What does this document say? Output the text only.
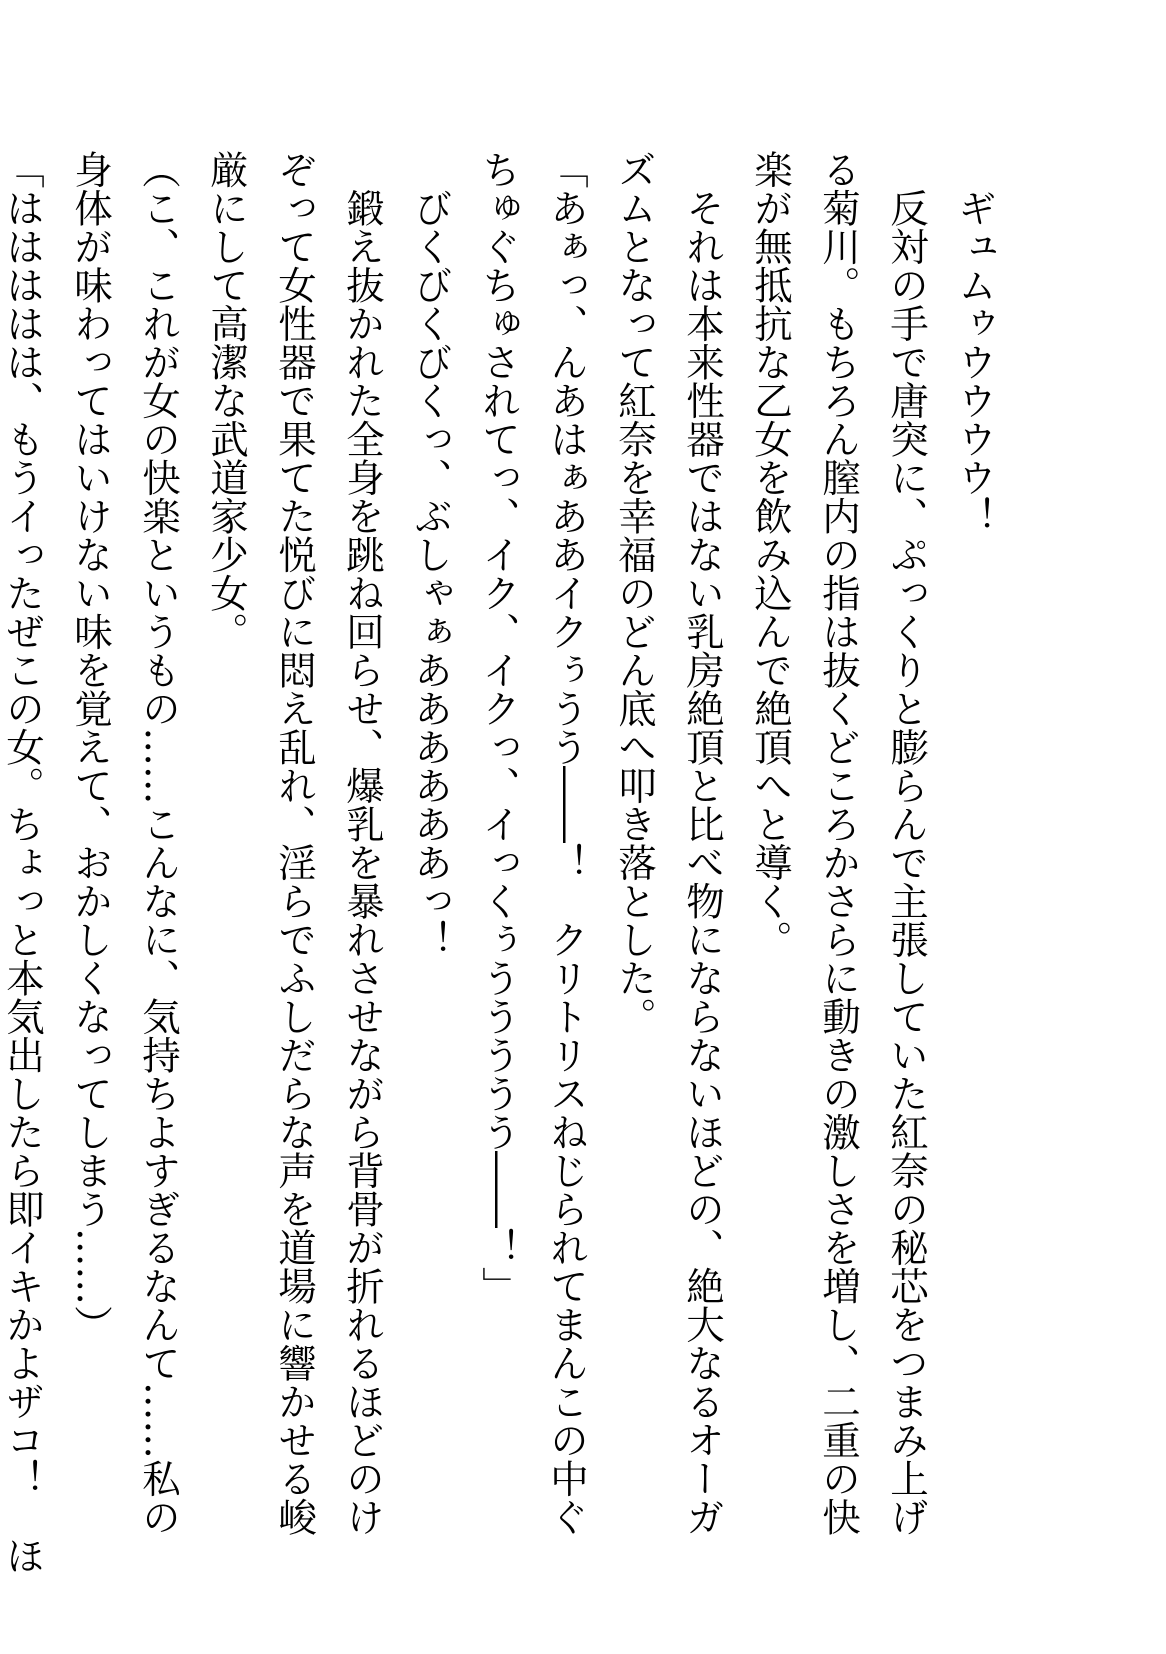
　ギュムゥウウウウ！
　反対の手で唐突に、ぷっくりと膨らんで主張していた紅奈の秘芯をつまみ上げ
る菊川。もちろん膣内の指は抜くどころかさらに動きの激しさを増し、二重の快
楽が無抵抗な乙女を飲み込んで絶頂へと導く。
　それは本来性器ではない乳房絶頂と比べ物にならないほどの、絶大なるオーガ
ズムとなって紅奈を幸福のどん底へ叩き落とした。
「あぁっ、んあはぁああイクぅうう――！　クリトリスねじられてまんこの中ぐ
ちゅぐちゅされてっ、イク、イクっ、イっくぅううううう――！」
　びくびくびくっ、ぶしゃぁああああああっ！
　鍛え抜かれた全身を跳ね回らせ、爆乳を暴れさせながら背骨が折れるほどのけ
ぞって女性器で果てた悦びに悶え乱れ、淫らでふしだらな声を道場に響かせる峻
厳にして高潔な武道家少女。
（こ、これが女の快楽というもの……こんなに、気持ちよすぎるなんて……私の
身体が味わってはいけない味を覚えて、おかしくなってしまう……）
「ははははは、もうイったぜこの女。ちょっと本気出したら即イキかよザコ！　ほ
